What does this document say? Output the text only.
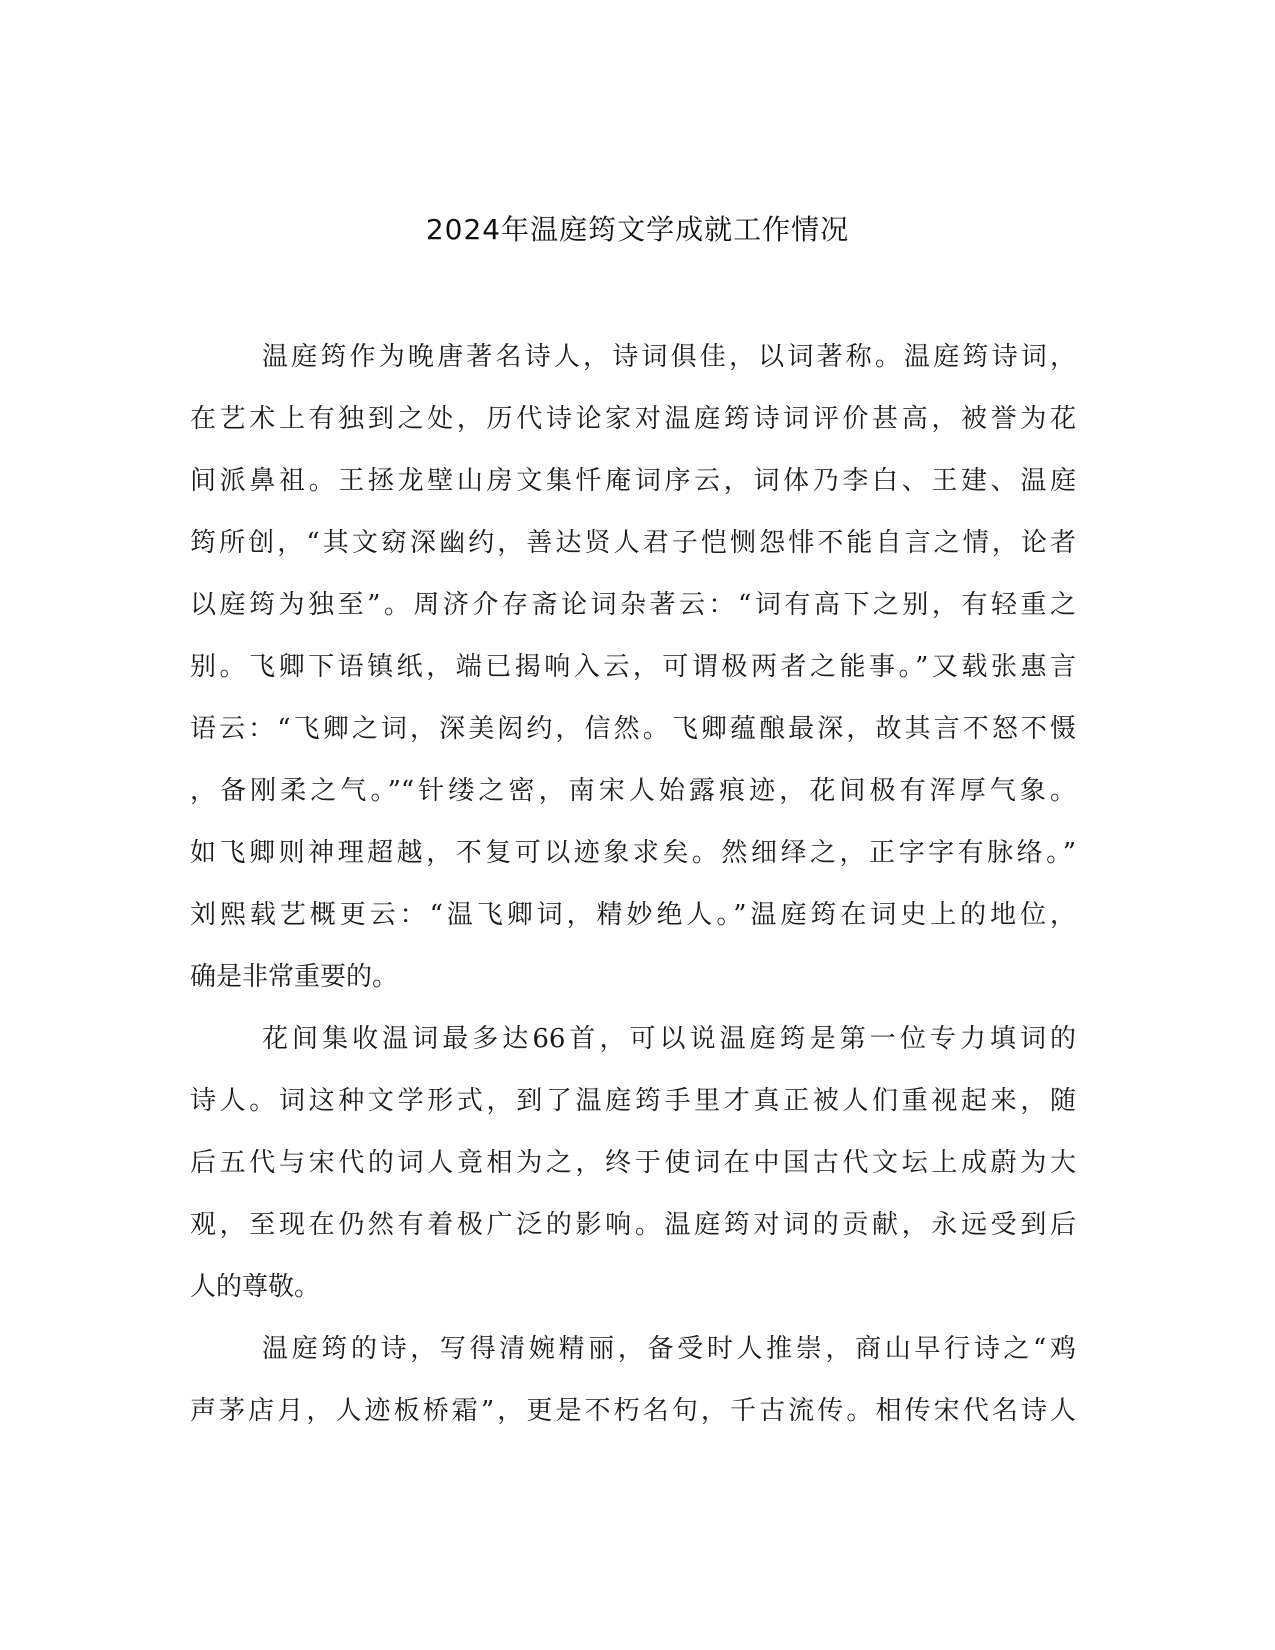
2024年温庭筠文学成就工作情况
温庭筠作为晚唐著名诗人，诗词俱佳，以词著称。温庭筠诗词，
在艺术上有独到之处，历代诗论家对温庭筠诗词评价甚高，被誉为花
间派鼻祖。王拯龙壁山房文集忏庵词序云，词体乃李白、王建、温庭
筠所创，“其文窈深幽约，善达贤人君子恺恻怨悱不能自言之情，论者
以庭筠为独至”。周济介存斋论词杂著云：“词有高下之别，有轻重之
别。飞卿下语镇纸，端已揭响入云，可谓极两者之能事。”又载张惠言
语云：“飞卿之词，深美闳约，信然。飞卿蕴酿最深，故其言不怒不慑
，备刚柔之气。”“针缕之密，南宋人始露痕迹，花间极有浑厚气象。
如飞卿则神理超越，不复可以迹象求矣。然细绎之，正字字有脉络。”
刘熙载艺概更云：“温飞卿词，精妙绝人。”温庭筠在词史上的地位，
确是非常重要的。
花间集收温词最多达66首，可以说温庭筠是第一位专力填词的
诗人。词这种文学形式，到了温庭筠手里才真正被人们重视起来，随
后五代与宋代的词人竟相为之，终于使词在中国古代文坛上成蔚为大
观，至现在仍然有着极广泛的影响。温庭筠对词的贡献，永远受到后
人的尊敬。
温庭筠的诗，写得清婉精丽，备受时人推崇，商山早行诗之“鸡
声茅店月，人迹板桥霜”，更是不朽名句，千古流传。相传宋代名诗人
